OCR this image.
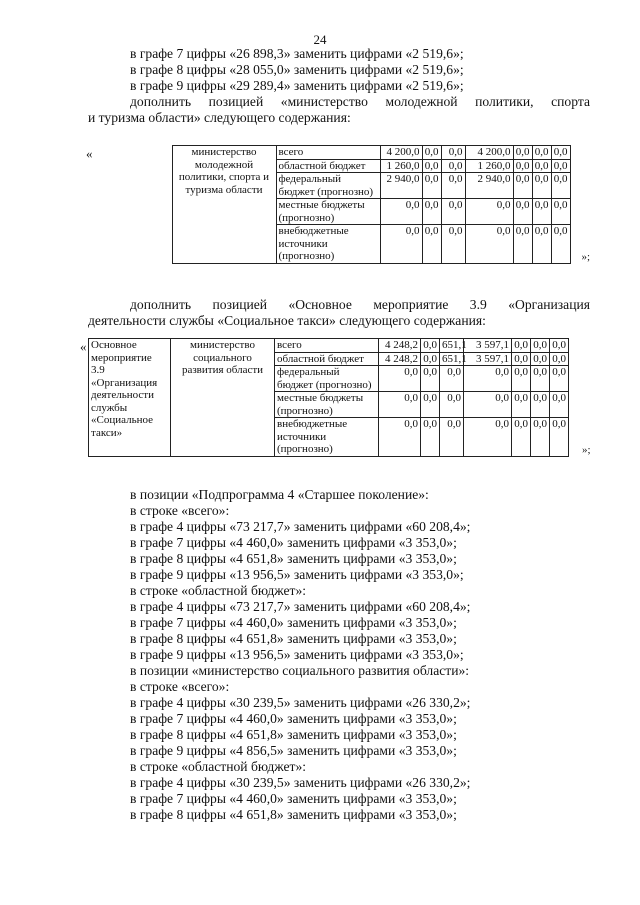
24
в графе 7 цифры «26 898,3» заменить цифрами «2 519,6»;
в графе 8 цифры «28 055,0» заменить цифрами «2 519,6»;
в графе 9 цифры «29 289,4» заменить цифрами «2 519,6»;
дополнить позицией «министерство молодежной политики, спорта
и туризма области» следующего содержания:
«
		министерство молодежной политики, спорта и туризма области	всего	4 200,0	0,0	0,0	4 200,0	0,0	0,0	0,0	
		областной бюджет	1 260,0	0,0	0,0	1 260,0	0,0	0,0	0,0	
		федеральный бюджет (прогнозно)	2 940,0	0,0	0,0	2 940,0	0,0	0,0	0,0	
		местные бюджеты (прогнозно)	0,0	0,0	0,0	0,0	0,0	0,0	0,0	
		внебюджетные источники (прогнозно)	0,0	0,0	0,0	0,0	0,0	0,0	0,0	»;
дополнить позицией «Основное мероприятие 3.9 «Организация
деятельности службы «Социальное такси» следующего содержания:
« Основное мероприятие 3.9 «Организация деятельности службы «Социальное такси»	министерство социального развития области	всего	4 248,2	0,0	651,1	3 597,1	0,0	0,0	0,0	
		областной бюджет	4 248,2	0,0	651,1	3 597,1	0,0	0,0	0,0	
		федеральный бюджет (прогнозно)	0,0	0,0	0,0	0,0	0,0	0,0	0,0	
		местные бюджеты (прогнозно)	0,0	0,0	0,0	0,0	0,0	0,0	0,0	
		внебюджетные источники (прогнозно)	0,0	0,0	0,0	0,0	0,0	0,0	0,0	»;
в позиции «Подпрограмма 4 «Старшее поколение»:
в строке «всего»:
в графе 4 цифры «73 217,7» заменить цифрами «60 208,4»;
в графе 7 цифры «4 460,0» заменить цифрами «3 353,0»;
в графе 8 цифры «4 651,8» заменить цифрами «3 353,0»;
в графе 9 цифры «13 956,5» заменить цифрами «3 353,0»;
в строке «областной бюджет»:
в графе 4 цифры «73 217,7» заменить цифрами «60 208,4»;
в графе 7 цифры «4 460,0» заменить цифрами «3 353,0»;
в графе 8 цифры «4 651,8» заменить цифрами «3 353,0»;
в графе 9 цифры «13 956,5» заменить цифрами «3 353,0»;
в позиции «министерство социального развития области»:
в строке «всего»:
в графе 4 цифры «30 239,5» заменить цифрами «26 330,2»;
в графе 7 цифры «4 460,0» заменить цифрами «3 353,0»;
в графе 8 цифры «4 651,8» заменить цифрами «3 353,0»;
в графе 9 цифры «4 856,5» заменить цифрами «3 353,0»;
в строке «областной бюджет»:
в графе 4 цифры «30 239,5» заменить цифрами «26 330,2»;
в графе 7 цифры «4 460,0» заменить цифрами «3 353,0»;
в графе 8 цифры «4 651,8» заменить цифрами «3 353,0»;
